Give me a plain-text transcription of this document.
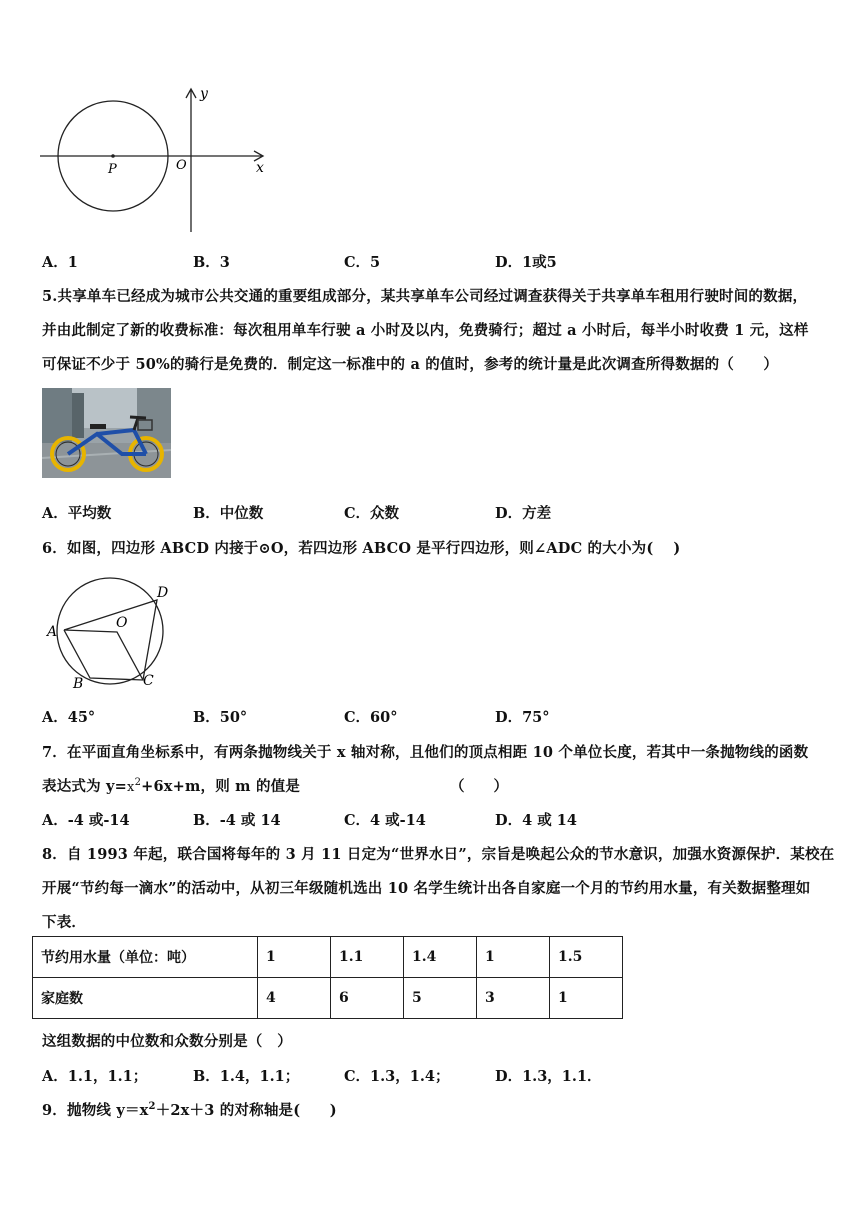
y
x
P	O
A．1	B．3	C．5	D．1或5
5.共享单车已经成为城市公共交通的重要组成部分，某共享单车公司经过调查获得关于共享单车租用行驶时间的数据，
并由此制定了新的收费标准：每次租用单车行驶 a 小时及以内，免费骑行；超过 a 小时后，每半小时收费 1 元，这样
可保证不少于 50%的骑行是免费的．制定这一标准中的 a 的值时，参考的统计量是此次调查所得数据的（　　）
A．平均数	B．中位数	C．众数	D．方差
6．如图，四边形 ABCD 内接于⊙O，若四边形 ABCO 是平行四边形，则∠ADC 的大小为(　 )
A
B	C
D
O
A．45°	B．50°	C．60°	D．75°
7．在平面直角坐标系中，有两条抛物线关于 x 轴对称，且他们的顶点相距 10 个单位长度，若其中一条抛物线的函数
表达式为 $y=x^2+6x+m$，则 m 的值是	（　　）
A．-4 或-14	B．-4 或 14	C．4 或-14	D．4 或 14
8．自 1993 年起，联合国将每年的 3 月 11 日定为“世界水日”，宗旨是唤起公众的节水意识，加强水资源保护．某校在
开展“节约每一滴水”的活动中，从初三年级随机选出 10 名学生统计出各自家庭一个月的节约用水量，有关数据整理如
下表．
节约用水量（单位：吨）	1	1.1	1.4	1	1.5
家庭数	4	6	5	3	1
这组数据的中位数和众数分别是（　）
A．1.1，1.1；	B．1.4，1.1；	C．1.3，1.4；	D．1.3，1.1．
9．抛物线 $y=x^2+2x+3$ 的对称轴是(　　)
